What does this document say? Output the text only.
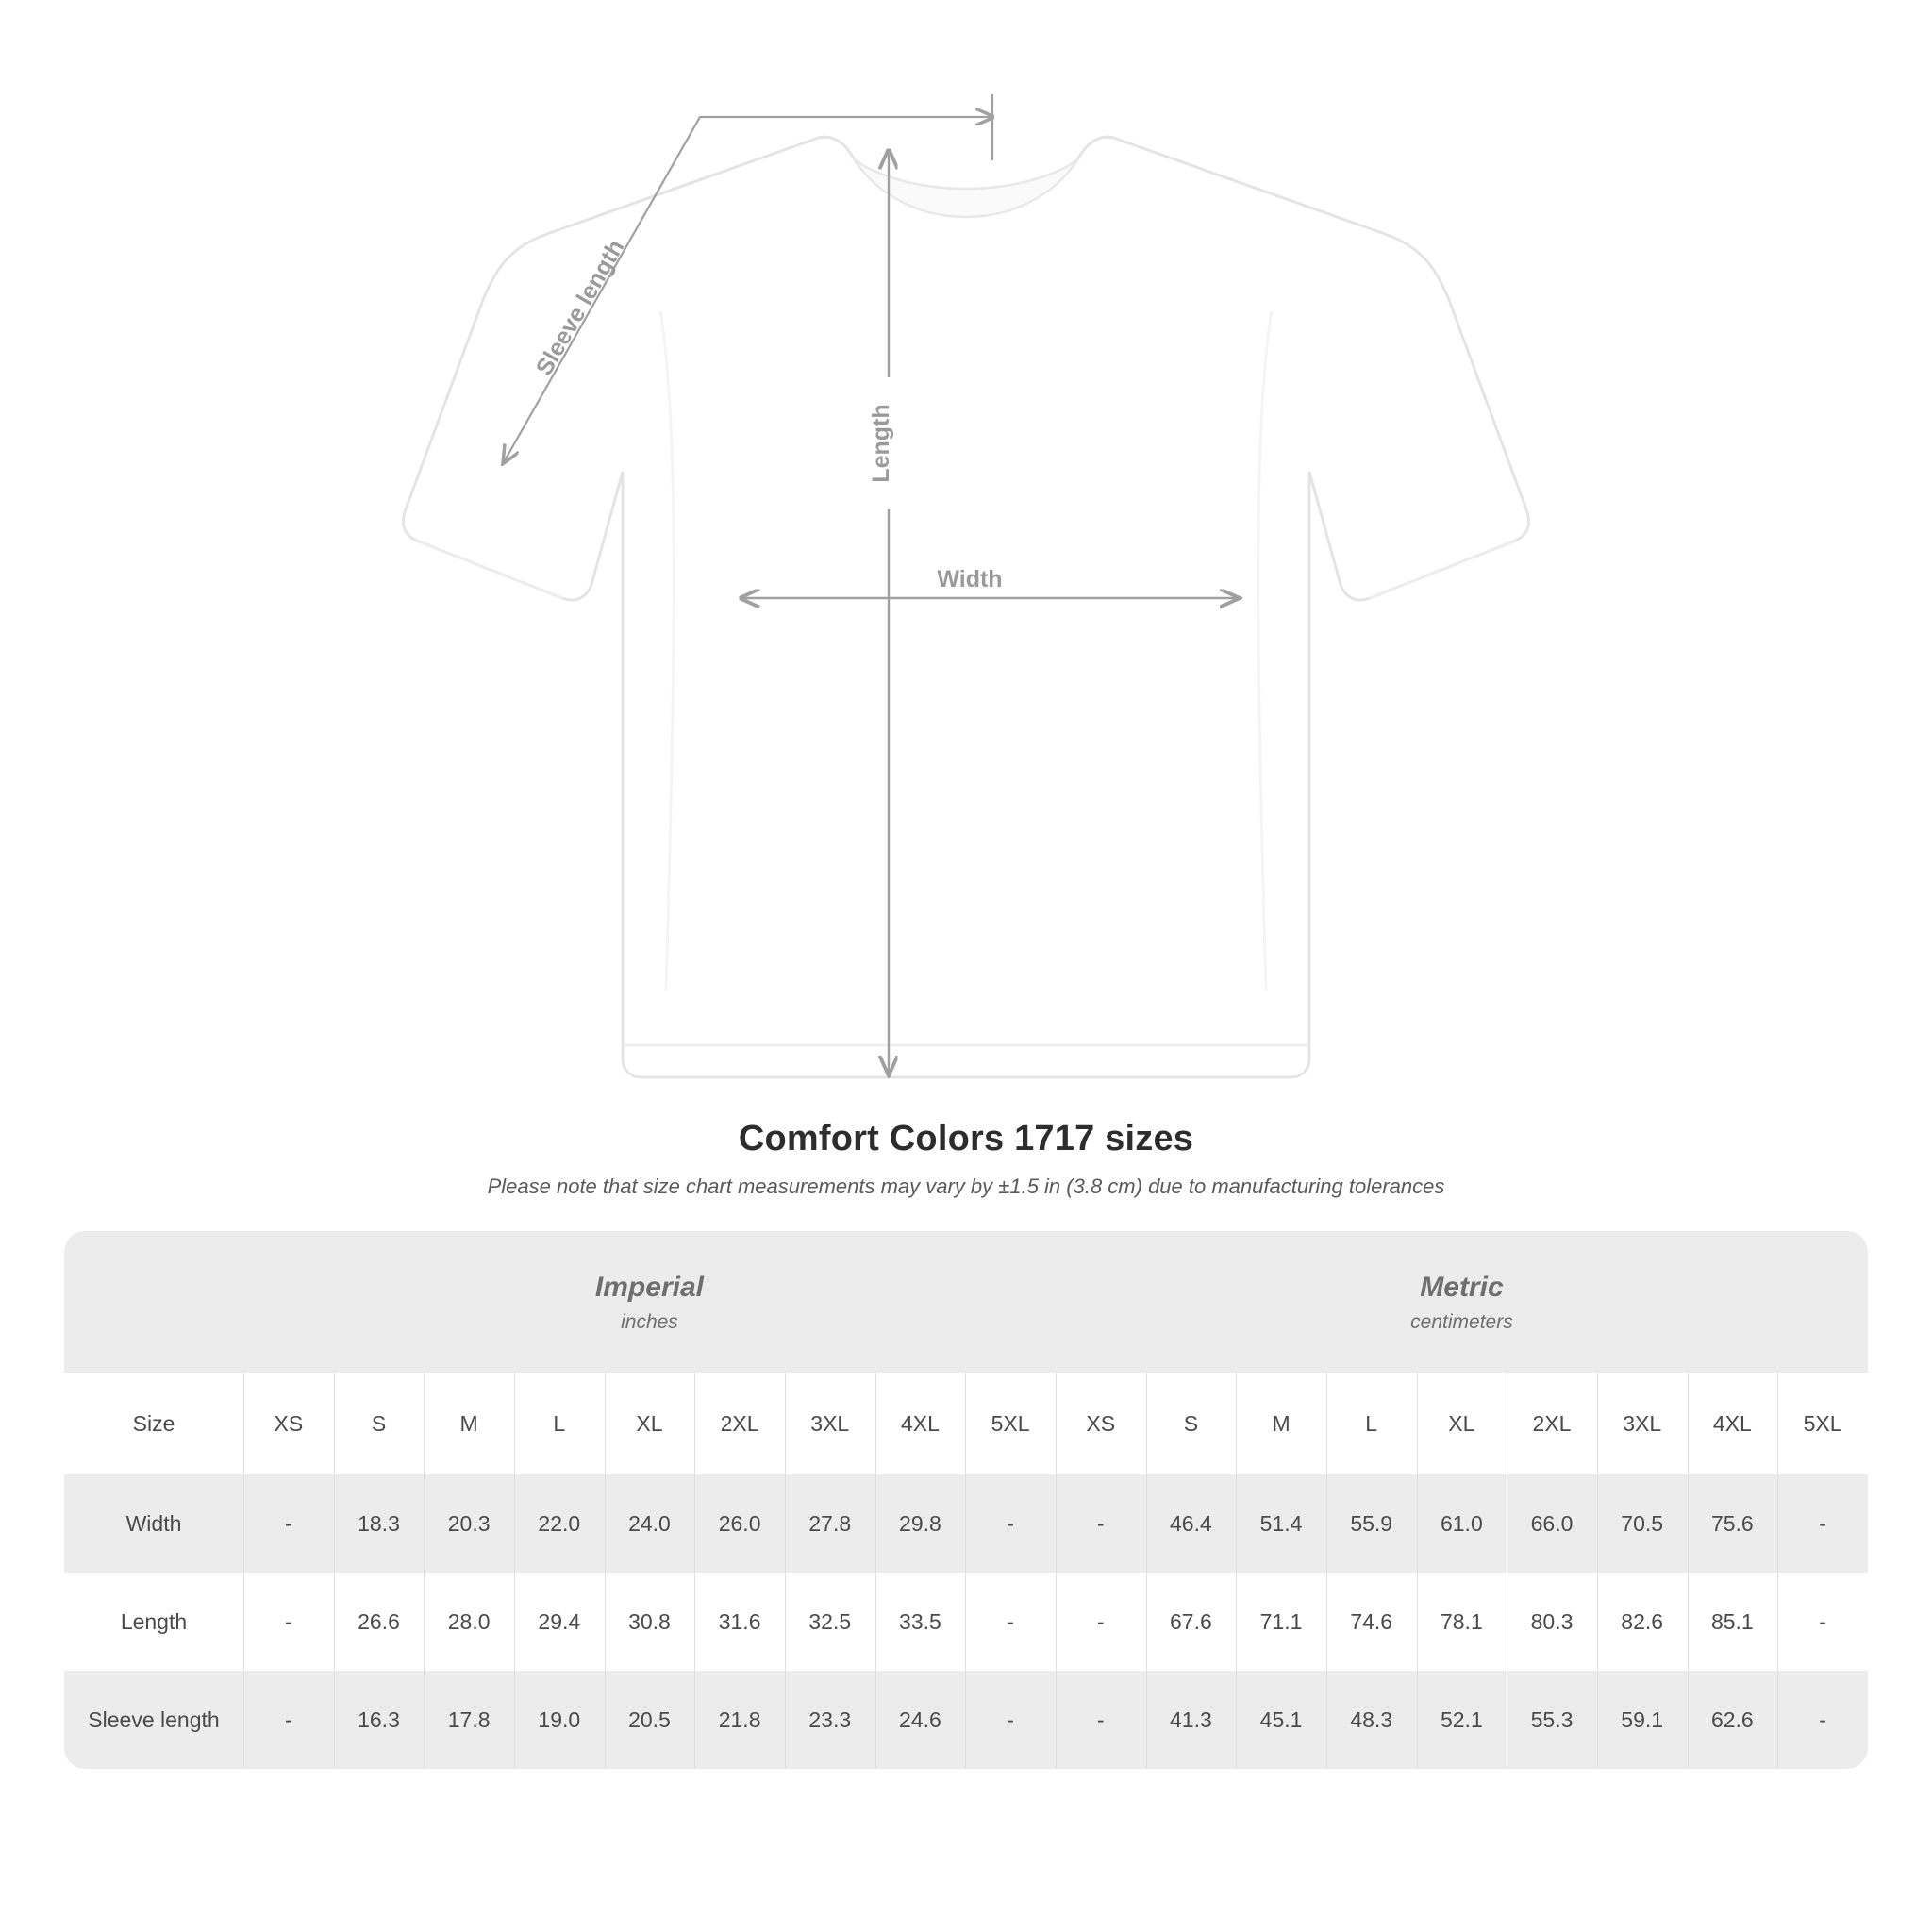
Length
Width
Sleeve length
Comfort Colors 1717 sizes
Please note that size chart measurements may vary by ±1.5 in (3.8 cm) due to manufacturing tolerances

Imperial
inches

Metric
centimeters

Size	XS	S	M	L	XL	2XL	3XL	4XL	5XL	XS	S	M	L	XL	2XL	3XL	4XL	5XL
Width	-	18.3	20.3	22.0	24.0	26.0	27.8	29.8	-	-	46.4	51.4	55.9	61.0	66.0	70.5	75.6	-
Length	-	26.6	28.0	29.4	30.8	31.6	32.5	33.5	-	-	67.6	71.1	74.6	78.1	80.3	82.6	85.1	-
Sleeve length	-	16.3	17.8	19.0	20.5	21.8	23.3	24.6	-	-	41.3	45.1	48.3	52.1	55.3	59.1	62.6	-
